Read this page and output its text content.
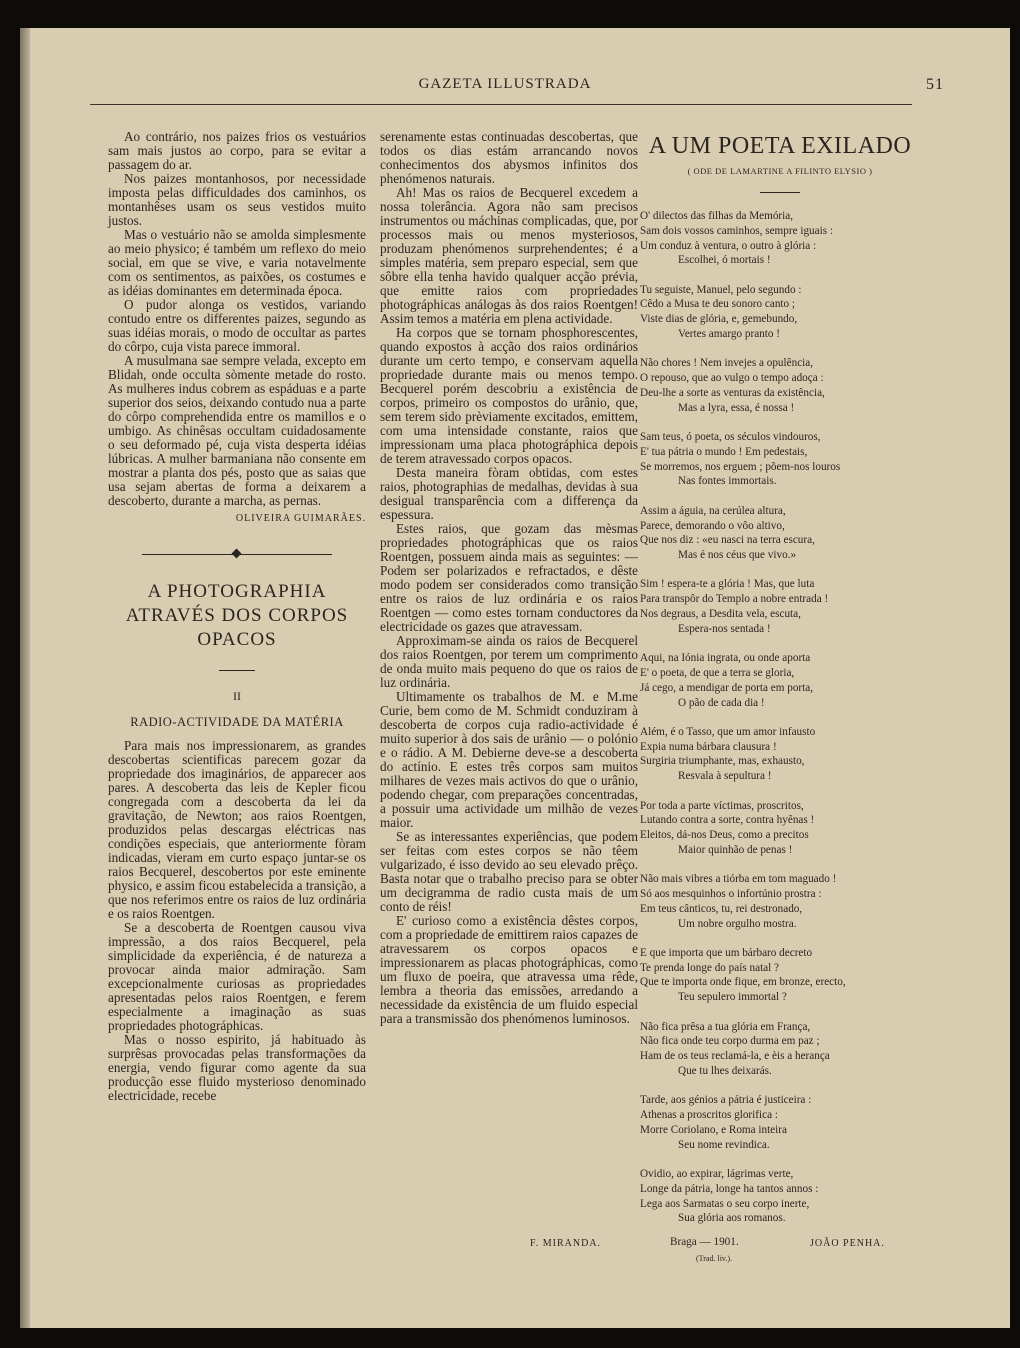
GAZETA ILLUSTRADA	51

Ao contrário, nos paizes frios os vestuários sam mais justos ao corpo, para se evitar a passagem do ar.

Nos paizes montanhosos, por necessidade imposta pelas difficuldades dos caminhos, os montanhêses usam os seus vestidos muito justos.

Mas o vestuário não se amolda simplesmente ao meio physico; é também um reflexo do meio social, em que se vive, e varia notavelmente com os sentimentos, as paixões, os costumes e as idéias dominantes em determinada época.

O pudor alonga os vestidos, variando contudo entre os differentes paizes, segundo as suas idéias morais, o modo de occultar as partes do côrpo, cuja vista parece immoral.

A musulmana sae sempre velada, excepto em Blidah, onde occulta sòmente metade do rosto. As mulheres indus cobrem as espáduas e a parte superior dos seios, deixando contudo nua a parte do côrpo comprehendida entre os mamillos e o umbigo. As chinêsas occultam cuidadosamente o seu deformado pé, cuja vista desperta idéias lúbricas. A mulher barmaniana não consente em mostrar a planta dos pés, posto que as saias que usa sejam abertas de forma a deixarem a descoberto, durante a marcha, as pernas.

OLIVEIRA GUIMARÃES.
A PHOTOGRAPHIA ATRAVÉS DOS CORPOS OPACOS
II
RADIO-ACTIVIDADE DA MATÉRIA

Para mais nos impressionarem, as grandes descobertas scientificas parecem gozar da propriedade dos imaginários, de apparecer aos pares. A descoberta das leis de Kepler ficou congregada com a descoberta da lei da gravitação, de Newton; aos raios Roentgen, produzidos pelas descargas eléctricas nas condições especiais, que anteriormente fòram indicadas, vieram em curto espaço juntar-se os raios Becquerel, descobertos por este eminente physico, e assim ficou estabelecida a transição, a que nos referimos entre os raios de luz ordinária e os raios Roentgen.

Se a descoberta de Roentgen causou viva impressão, a dos raios Becquerel, pela simplicidade da experiência, é de natureza a provocar ainda maior admiração. Sam excepcionalmente curiosas as propriedades apresentadas pelos raios Roentgen, e ferem especialmente a imaginação as suas propriedades photográphicas.

Mas o nosso espirito, já habituado às surprêsas provocadas pelas transformações da energia, vendo figurar como agente da sua producção esse fluido mysterioso denominado electricidade, recebe

serenamente estas continuadas descobertas, que todos os dias estám arrancando novos conhecimentos dos abysmos infinitos dos phenómenos naturais.

Ah! Mas os raios de Becquerel excedem a nossa tolerância. Agora não sam precisos instrumentos ou máchinas complicadas, que, por processos mais ou menos mysteriosos, produzam phenómenos surprehendentes; é a simples matéria, sem preparo especial, sem que sôbre ella tenha havido qualquer acção prévia, que emitte raios com propriedades photográphicas análogas às dos raios Roentgen! Assim temos a matéria em plena actividade.

Ha corpos que se tornam phosphorescentes, quando expostos à acção dos raios ordinários durante um certo tempo, e conservam aquella propriedade durante mais ou menos tempo. Becquerel porém descobriu a existência de corpos, primeiro os compostos do urânio, que, sem terem sido prèviamente excitados, emittem, com uma intensidade constante, raios que impressionam uma placa photográphica depois de terem atravessado corpos opacos.

Desta maneira fòram obtidas, com estes raios, photographias de medalhas, devidas à sua desigual transparência com a differença da espessura.

Estes raios, que gozam das mèsmas propriedades photográphicas que os raios Roentgen, possuem ainda mais as seguintes: — Podem ser polarizados e refractados, e dêste modo podem ser considerados como transição entre os raios de luz ordinária e os raios Roentgen — como estes tornam conductores da electricidade os gazes que atravessam.

Approximam-se ainda os raios de Becquerel dos raios Roentgen, por terem um comprimento de onda muito mais pequeno do que os raios de luz ordinária.

Ultimamente os trabalhos de M. e M.me Curie, bem como de M. Schmidt conduziram à descoberta de corpos cuja radio-actividade é muito superior à dos sais de urânio — o polónio e o rádio. A M. Debierne deve-se a descoberta do actínio. E estes três corpos sam muitos milhares de vezes mais activos do que o urânio, podendo chegar, com preparações concentradas, a possuir uma actividade um milhão de vezes maior.

Se as interessantes experiências, que podem ser feitas com estes corpos se não têem vulgarizado, é isso devido ao seu elevado prêço. Basta notar que o trabalho preciso para se obter um decigramma de radio custa mais de um conto de réis!

E' curioso como a existência dêstes corpos, com a propriedade de emittirem raios capazes de atravessarem os corpos opacos e impressionarem as placas photográphicas, como um fluxo de poeira, que atravessa uma rêde, lembra a theoria das emissões, arredando a necessidade da existência de um fluido especial para a transmissão dos phenómenos luminosos.

A UM POETA EXILADO
( ODE DE LAMARTINE A FILINTO ELYSIO )
O' dilectos das filhas da Memória,
Sam dois vossos caminhos, sempre iguais :
Um conduz à ventura, o outro à glória :
Escolhei, ó mortais !
Tu seguiste, Manuel, pelo segundo :
Cêdo a Musa te deu sonoro canto ;
Viste dias de glória, e, gemebundo,
Vertes amargo pranto !
Não chores ! Nem invejes a opulência,
O repouso, que ao vulgo o tempo adoça :
Deu-lhe a sorte as venturas da existência,
Mas a lyra, essa, é nossa !
Sam teus, ó poeta, os séculos vindouros,
E' tua pátria o mundo ! Em pedestais,
Se morremos, nos erguem ; põem-nos louros
Nas fontes immortais.
Assim a águia, na cerúlea altura,
Parece, demorando o vôo altivo,
Que nos diz : «eu nasci na terra escura,
Mas é nos céus que vivo.»
Sim ! espera-te a glória ! Mas, que luta
Para transpôr do Templo a nobre entrada !
Nos degraus, a Desdita vela, escuta,
Espera-nos sentada !
Aqui, na Iónia ingrata, ou onde aporta
E' o poeta, de que a terra se gloria,
Já cego, a mendigar de porta em porta,
O pão de cada dia !
Além, é o Tasso, que um amor infausto
Expia numa bárbara clausura !
Surgiria triumphante, mas, exhausto,
Resvala à sepultura !
Por toda a parte víctimas, proscritos,
Lutando contra a sorte, contra hyênas !
Eleitos, dá-nos Deus, como a precitos
Maior quinhão de penas !
Não mais vibres a tiórba em tom maguado !
Só aos mesquinhos o infortúnio prostra :
Em teus cânticos, tu, rei destronado,
Um nobre orgulho mostra.
E que importa que um bárbaro decreto
Te prenda longe do país natal ?
Que te importa onde fique, em bronze, erecto,
Teu sepulero immortal ?
Não fica prêsa a tua glória em França,
Não fica onde teu corpo durma em paz ;
Ham de os teus reclamá-la, e èis a herança
Que tu lhes deixarás.
Tarde, aos génios a pátria é justiceira :
Athenas a proscritos glorifica :
Morre Coriolano, e Roma inteira
Seu nome revindica.
Ovidio, ao expirar, lágrimas verte,
Longe da pátria, longe ha tantos annos :
Lega aos Sarmatas o seu corpo inerte,
Sua glória aos romanos.
Braga — 1901.
(Trad. liv.).
F. MIRANDA.	JOÃO PENHA.
